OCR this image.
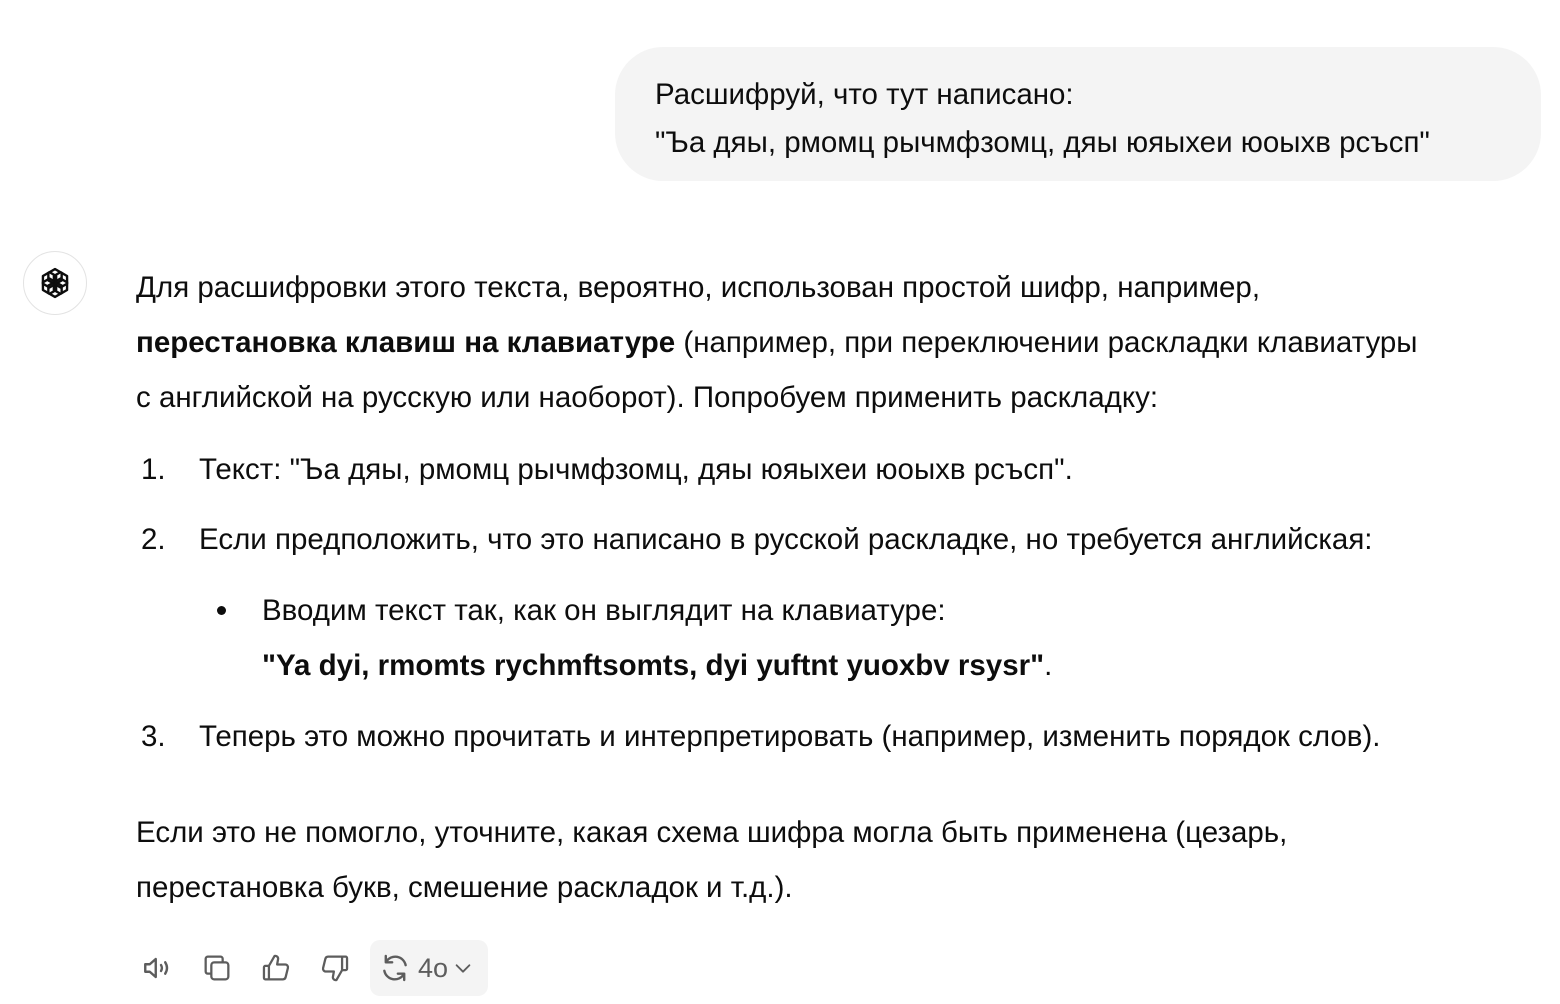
Расшифруй, что тут написано:
"Ъа дяы, рмомц рычмфзомц, дяы юяыхеи юоыхв рсъсп"
Для расшифровки этого текста, вероятно, использован простой шифр, например,
перестановка клавиш на клавиатуре (например, при переключении раскладки клавиатуры
с английской на русскую или наоборот). Попробуем применить раскладку:
1.	Текст: "Ъа дяы, рмомц рычмфзомц, дяы юяыхеи юоыхв рсъсп".
2.	Если предположить, что это написано в русской раскладке, но требуется английская:
Вводим текст так, как он выглядит на клавиатуре:
"Ya dyi, rmomts rychmftsomts, dyi yuftnt yuoxbv rsysr".
3.	Теперь это можно прочитать и интерпретировать (например, изменить порядок слов).
Если это не помогло, уточните, какая схема шифра могла быть применена (цезарь,
перестановка букв, смешение раскладок и т.д.).
4o
